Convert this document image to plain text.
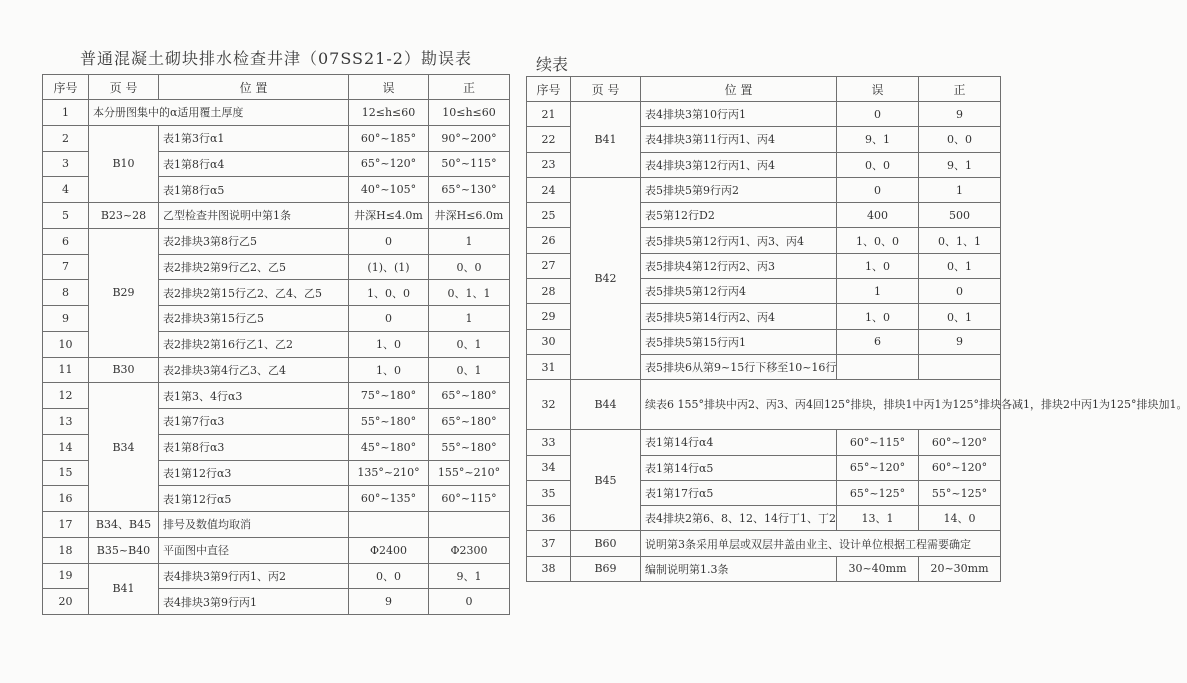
普通混凝土砌块排水检查井津（07SS21-2）勘误表	续表
序号	页 号	位 置	误	正
1	本分册图集中的α适用覆土厚度		12≤h≤60	10≤h≤60
2	B10	表1第3行α1	60°~185°	90°~200°
3		表1第8行α4	65°~120°	50°~115°
4		表1第8行α5	40°~105°	65°~130°
5	B23~28	乙型检查井图说明中第1条	井深H≤4.0m	井深H≤6.0m
6	B29	表2排块3第8行乙5	0	1
7		表2排块2第9行乙2、乙5	(1)、(1)	0、0
8		表2排块2第15行乙2、乙4、乙5	1、0、0	0、1、1
9		表2排块3第15行乙5	0	1
10		表2排块2第16行乙1、乙2	1、0	0、1
11	B30	表2排块3第4行乙3、乙4	1、0	0、1
12	B34	表1第3、4行α3	75°~180°	65°~180°
13		表1第7行α3	55°~180°	65°~180°
14		表1第8行α3	45°~180°	55°~180°
15		表1第12行α3	135°~210°	155°~210°
16		表1第12行α5	60°~135°	60°~115°
17	B34、B45	排号及数值均取消		
18	B35~B40	平面图中直径	Φ2400	Φ2300
19	B41	表4排块3第9行丙1、丙2	0、0	9、1
20		表4排块3第9行丙1	9	0
序号	页 号	位 置	误	正
21	B41	表4排块3第10行丙1	0	9
22		表4排块3第11行丙1、丙4	9、1	0、0
23		表4排块3第12行丙1、丙4	0、0	9、1
24	B42	表5排块5第9行丙2	0	1
25		表5第12行D2	400	500
26		表5排块5第12行丙1、丙3、丙4	1、0、0	0、1、1
27		表5排块4第12行丙2、丙3	1、0	0、1
28		表5排块5第12行丙4	1	0
29		表5排块5第14行丙2、丙4	1、0	0、1
30		表5排块5第15行丙1	6	9
31		表5排块6从第9~15行下移至10~16行		
32	B44	续表6 155°排块中丙2、丙3、丙4回125°排块，排块1中丙1为125°排块各减1，排块2中丙1为125°排块加1。		
33	B45	表1第14行α4	60°~115°	60°~120°
34		表1第14行α5	65°~120°	60°~120°
35		表1第17行α5	65°~125°	55°~125°
36		表4排块2第6、8、12、14行丁1、丁2	13、1	14、0
37	B60	说明第3条采用单层或双层井盖由业主、设计单位根据工程需要确定		
38	B69	编制说明第1.3条	30~40mm	20~30mm
